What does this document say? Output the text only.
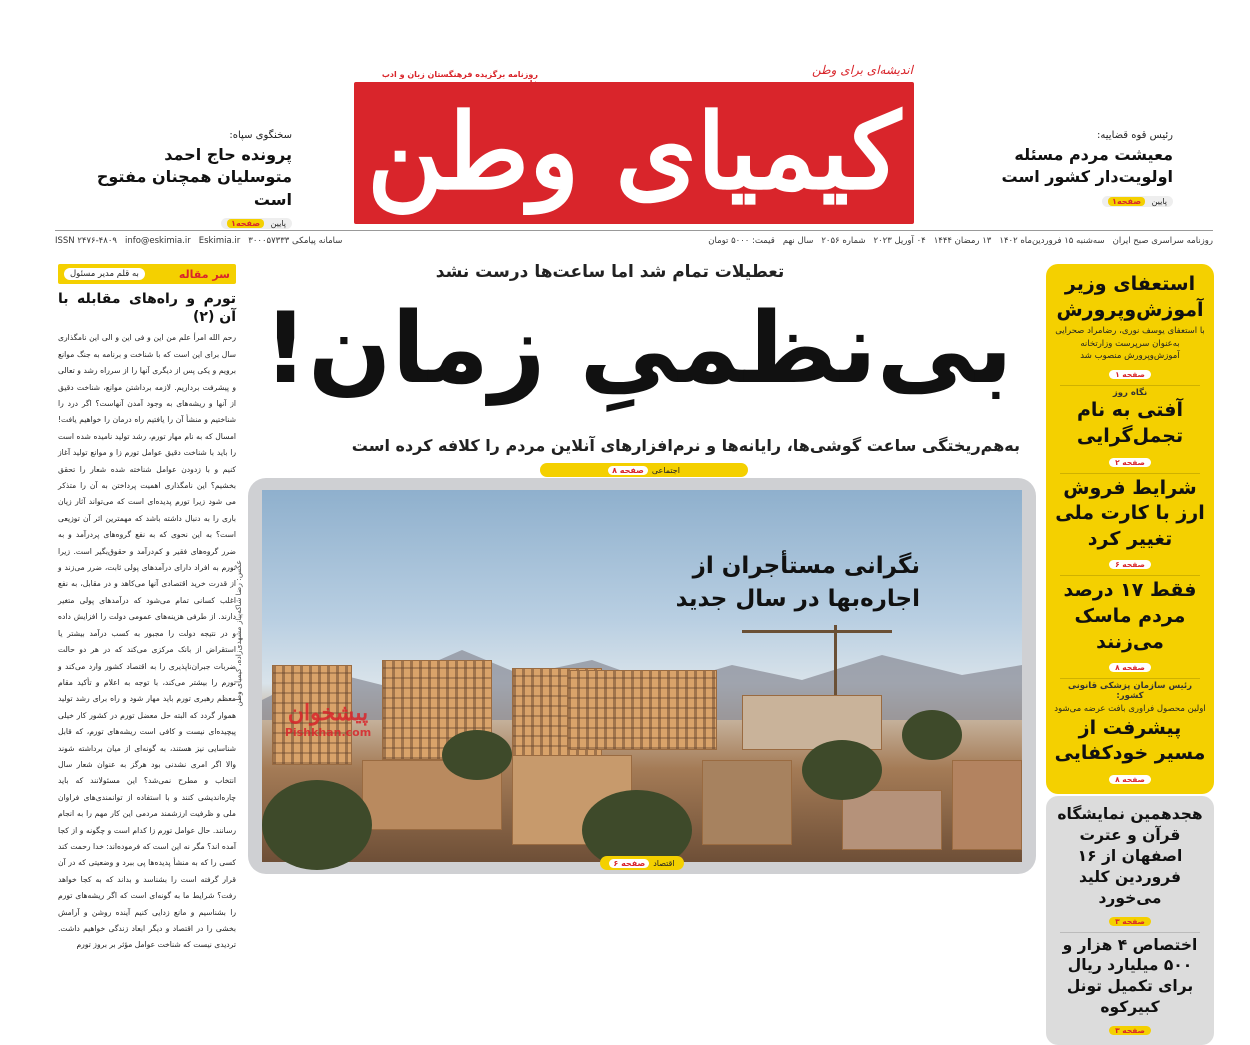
اندیشه‌ای برای وطن
روزنامه برگزیده فرهنگستان زبان و ادب
کیمیای وطن	رئیس قوه قضاییه:
معیشت مردم مسئله اولویت‌دار کشور است
پایین صفحه۱
سخنگوی سپاه:
پرونده حاج احمد متوسلیان همچنان مفتوح است
پایین صفحه۱
روزنامه سراسری صبح ایران
سه‌شنبه ۱۵ فروردین‌ماه ۱۴۰۲
۱۳ رمضان ۱۴۴۴
۰۴ آوریل ۲۰۲۳
شماره ۲۰۵۶
سال نهم
قیمت: ۵۰۰۰ تومان
ISSN ۲۴۷۶-۴۸۰۹ info@eskimia.ir Eskimia.ir سامانه پیامکی ۳۰۰۰۵۷۳۳۳
سر مقاله
به قلم مدیر مسئول
تورم و راه‌های مقابله با آن (۲)
رحم الله امرأ علم من این و فی این و الی این نامگذاری سال برای این است که با شناخت و برنامه به جنگ موانع برویم و یکی پس از دیگری آنها را از سرراه رشد و تعالی و پیشرفت برداریم. لازمه برداشتن موانع، شناخت دقیق از آنها و ریشه‌های به وجود آمدن آنهاست؟ اگر درد را شناختیم و منشأ آن را یافتیم راه درمان را خواهیم یافت! امسال که به نام مهار تورم، رشد تولید نامیده شده است را باید با شناخت دقیق عوامل تورم زا و موانع تولید آغاز کنیم و با زدودن عوامل شناخته شده شعار را تحقق بخشیم؟ این نامگذاری اهمیت پرداختن به آن را متذکر می شود زیرا تورم پدیده‌ای است که می‌تواند آثار زیان باری را به دنبال داشته باشد که مهمترین اثر آن توزیعی است؟ به این نحوی که به نفع گروه‌های پردرآمد و به ضرر گروه‌های فقیر و کم‌درآمد و حقوق‌بگیر است. زیرا تورم به افراد دارای درآمدهای پولی ثابت، ضرر می‌زند و از قدرت خرید اقتصادی آنها می‌کاهد و در مقابل، به نفع اغلب کسانی تمام می‌شود که درآمدهای پولی متغیر دارند. از طرفی هزینه‌های عمومی دولت را افزایش داده و در نتیجه دولت را مجبور به کسب درآمد بیشتر یا استقراض از بانک مرکزی می‌کند که در هر دو حالت ضربات جبران‌ناپذیری را به اقتصاد کشور وارد می‌کند و تورم را بیشتر می‌کند، با توجه به اعلام و تأکید مقام معظم رهبری تورم باید مهار شود و راه برای رشد تولید هموار گردد که البته حل معضل تورم در کشور کار خیلی پیچیده‌ای نیست و کافی است ریشه‌های تورم، که قابل شناسایی نیز هستند، به گونه‌ای از میان برداشته شوند والا اگر امری نشدنی بود هرگز به عنوان شعار سال انتخاب و مطرح نمی‌شد؟ این مسئولانند که باید چاره‌اندیشی کنند و با استفاده از توانمندی‌های فراوان ملی و ظرفیت ارزشمند مردمی این کار مهم را به انجام رسانند. حال عوامل تورم زا کدام است و چگونه و از کجا آمده اند؟ مگر نه این است که فرموده‌اند: خدا رحمت کند کسی را که به منشأ پدیده‌ها پی ببرد و وضعیتی که در آن قرار گرفته است را بشناسد و بداند که به کجا خواهد رفت؟ شرایط ما به گونه‌ای است که اگر ریشه‌های تورم را بشناسیم و مانع زدایی کنیم آینده روشن و آرامش بخشی را در اقتصاد و دیگر ابعاد زندگی خواهیم داشت. تردیدی نیست که شناخت عوامل مؤثر بر بروز تورم
تعطیلات تمام شد اما ساعت‌ها درست نشد
بی‌نظمیِ زمان!
به‌هم‌ریختگی ساعت گوشی‌ها، رایانه‌ها و نرم‌افزارهای آنلاین مردم را کلافه کرده است
اجتماعی
صفحه ۸
نگرانی مستأجران از اجاره‌بها در سال جدید
عکس: رضا شاکه‌پیاز مشهدی‌زاده، کیمیای وطن
پیشخوان
Pishkhan.com
اقتصاد
صفحه ۶
استعفای وزیر آموزش‌وپرورش
با استعفای یوسف نوری، رضامراد صحرایی به‌عنوان سرپرست وزارتخانه آموزش‌وپرورش منصوب شد
صفحه ۱
نگاه روز
آفتی به نام تجمل‌گرایی
صفحه ۲
شرایط فروش ارز با کارت ملی تغییر کرد
صفحه ۶
فقط ۱۷ درصد مردم ماسک می‌زنند
صفحه ۸
رئیس سازمان پزشکی قانونی کشور:
اولین محصول فراوری بافت عرضه می‌شود
پیشرفت از مسیر خودکفایی
صفحه ۸
هجدهمین نمایشگاه قرآن و عترت اصفهان از ۱۶ فروردین کلید می‌خورد
صفحه ۳
اختصاص ۴ هزار و ۵۰۰ میلیارد ریال برای تکمیل تونل کبیرکوه
صفحه ۳
